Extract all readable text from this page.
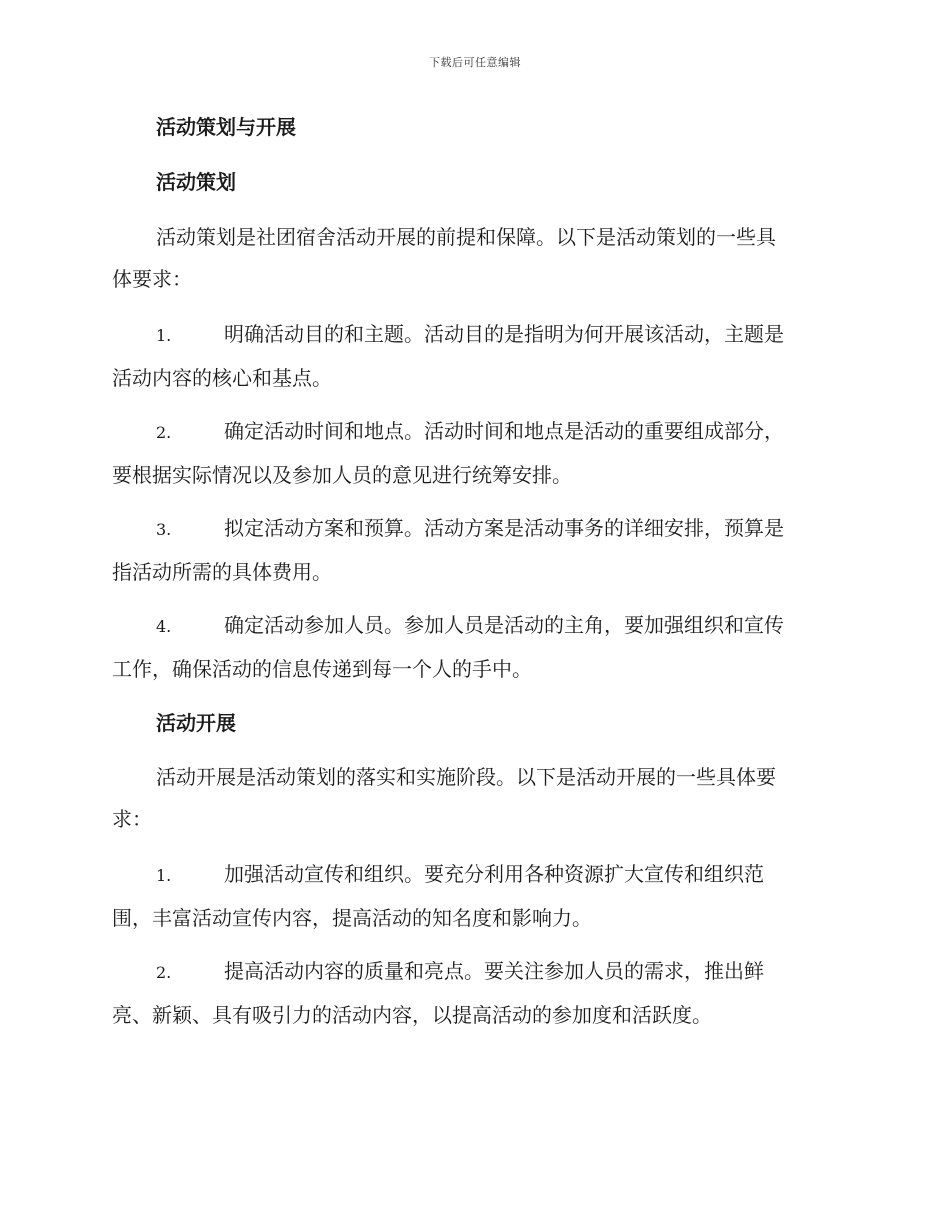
下载后可任意编辑
活动策划与开展
活动策划
活动策划是社团宿舍活动开展的前提和保障。以下是活动策划的一些具
体要求：
1.	明确活动目的和主题。活动目的是指明为何开展该活动，主题是
活动内容的核心和基点。
2.	确定活动时间和地点。活动时间和地点是活动的重要组成部分，
要根据实际情况以及参加人员的意见进行统筹安排。
3.	拟定活动方案和预算。活动方案是活动事务的详细安排，预算是
指活动所需的具体费用。
4.	确定活动参加人员。参加人员是活动的主角，要加强组织和宣传
工作，确保活动的信息传递到每一个人的手中。
活动开展
活动开展是活动策划的落实和实施阶段。以下是活动开展的一些具体要
求：
1.	加强活动宣传和组织。要充分利用各种资源扩大宣传和组织范
围，丰富活动宣传内容，提高活动的知名度和影响力。
2.	提高活动内容的质量和亮点。要关注参加人员的需求，推出鲜
亮、新颖、具有吸引力的活动内容，以提高活动的参加度和活跃度。
